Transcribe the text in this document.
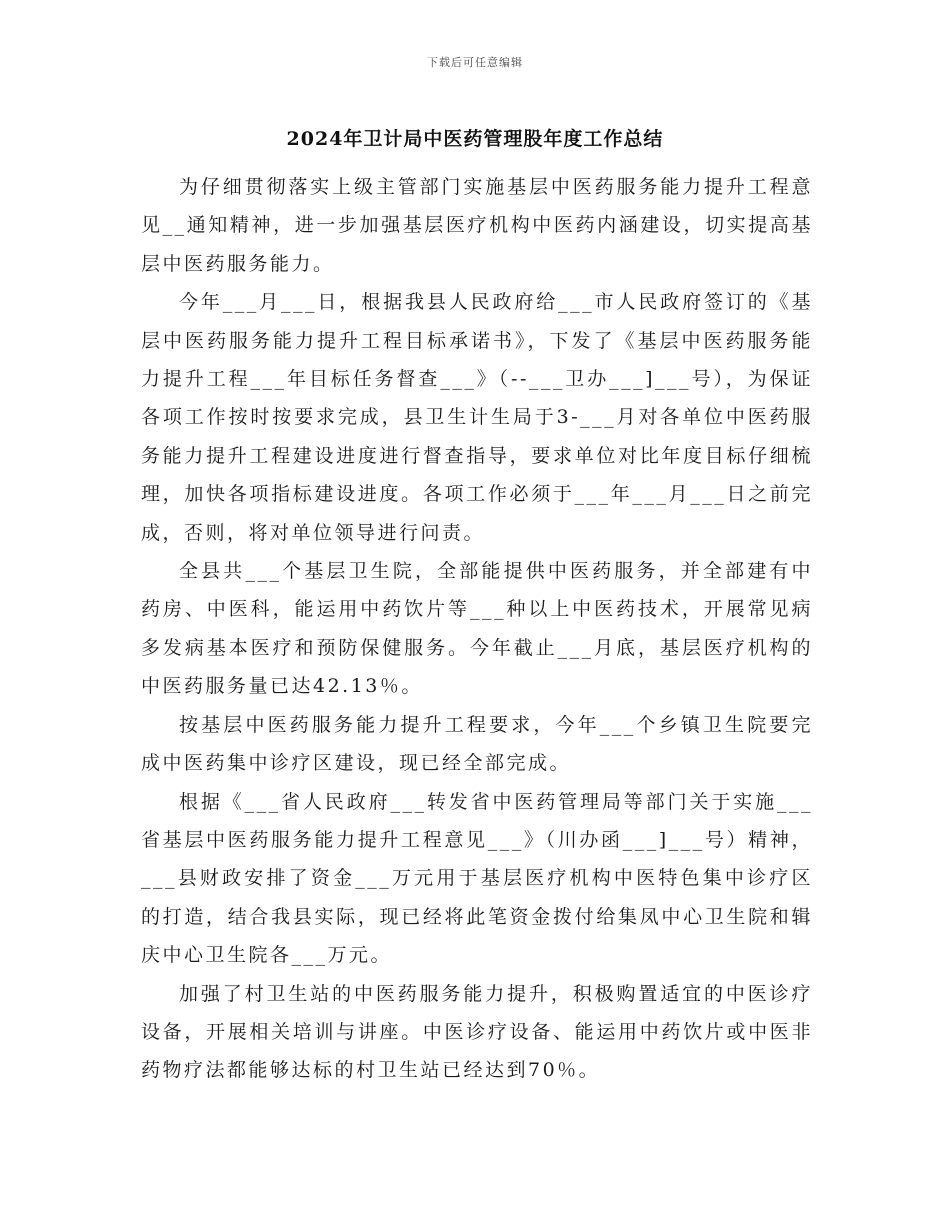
下载后可任意编辑
2024年卫计局中医药管理股年度工作总结

为仔细贯彻落实上级主管部门实施基层中医药服务能力提升工程意见__通知精神，进一步加强基层医疗机构中医药内涵建设，切实提高基层中医药服务能力。

今年___月___日，根据我县人民政府给___市人民政府签订的《基层中医药服务能力提升工程目标承诺书》，下发了《基层中医药服务能力提升工程___年目标任务督查___》（--___卫办___]___号），为保证各项工作按时按要求完成，县卫生计生局于3-___月对各单位中医药服务能力提升工程建设进度进行督查指导，要求单位对比年度目标仔细梳理，加快各项指标建设进度。各项工作必须于___年___月___日之前完成，否则，将对单位领导进行问责。

全县共___个基层卫生院，全部能提供中医药服务，并全部建有中药房、中医科，能运用中药饮片等___种以上中医药技术，开展常见病多发病基本医疗和预防保健服务。今年截止___月底，基层医疗机构的中医药服务量已达42.13％。

按基层中医药服务能力提升工程要求，今年___个乡镇卫生院要完成中医药集中诊疗区建设，现已经全部完成。

根据《___省人民政府___转发省中医药管理局等部门关于实施___省基层中医药服务能力提升工程意见___》（川办函___]___号）精神，___县财政安排了资金___万元用于基层医疗机构中医特色集中诊疗区的打造，结合我县实际，现已经将此笔资金拨付给集凤中心卫生院和辑庆中心卫生院各___万元。

加强了村卫生站的中医药服务能力提升，积极购置适宜的中医诊疗设备，开展相关培训与讲座。中医诊疗设备、能运用中药饮片或中医非药物疗法都能够达标的村卫生站已经达到70％。
